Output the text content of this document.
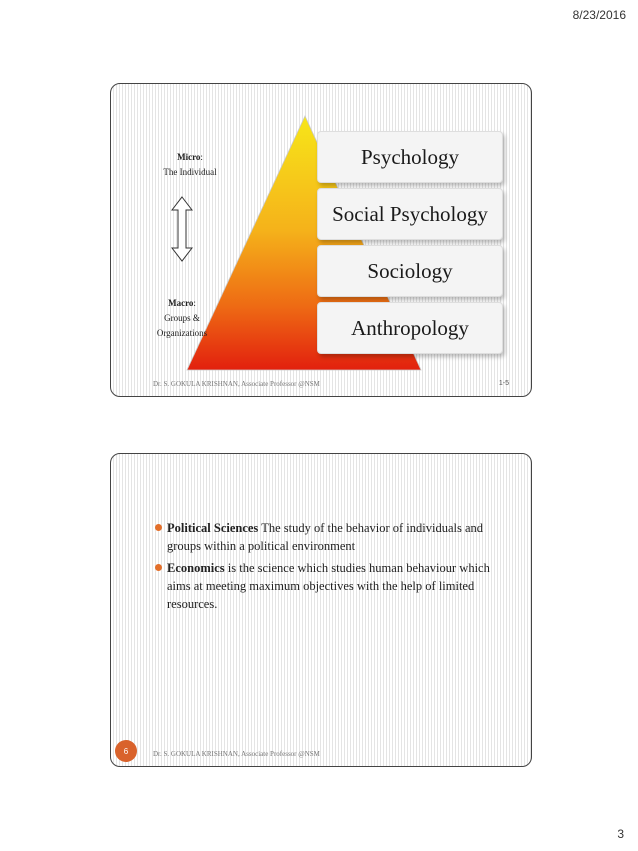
8/23/2016
Micro:
The Individual
Macro:
Groups &
Organizations
Psychology
Social Psychology
Sociology
Anthropology
Dr. S. GOKULA KRISHNAN, Associate Professor @NSM	1-5
Political Sciences The study of the behavior of individuals and groups within a political environment
Economics is the science which studies human behaviour which aims at meeting maximum objectives with the help of limited resources.
6	Dr. S. GOKULA KRISHNAN, Associate Professor @NSM
3
